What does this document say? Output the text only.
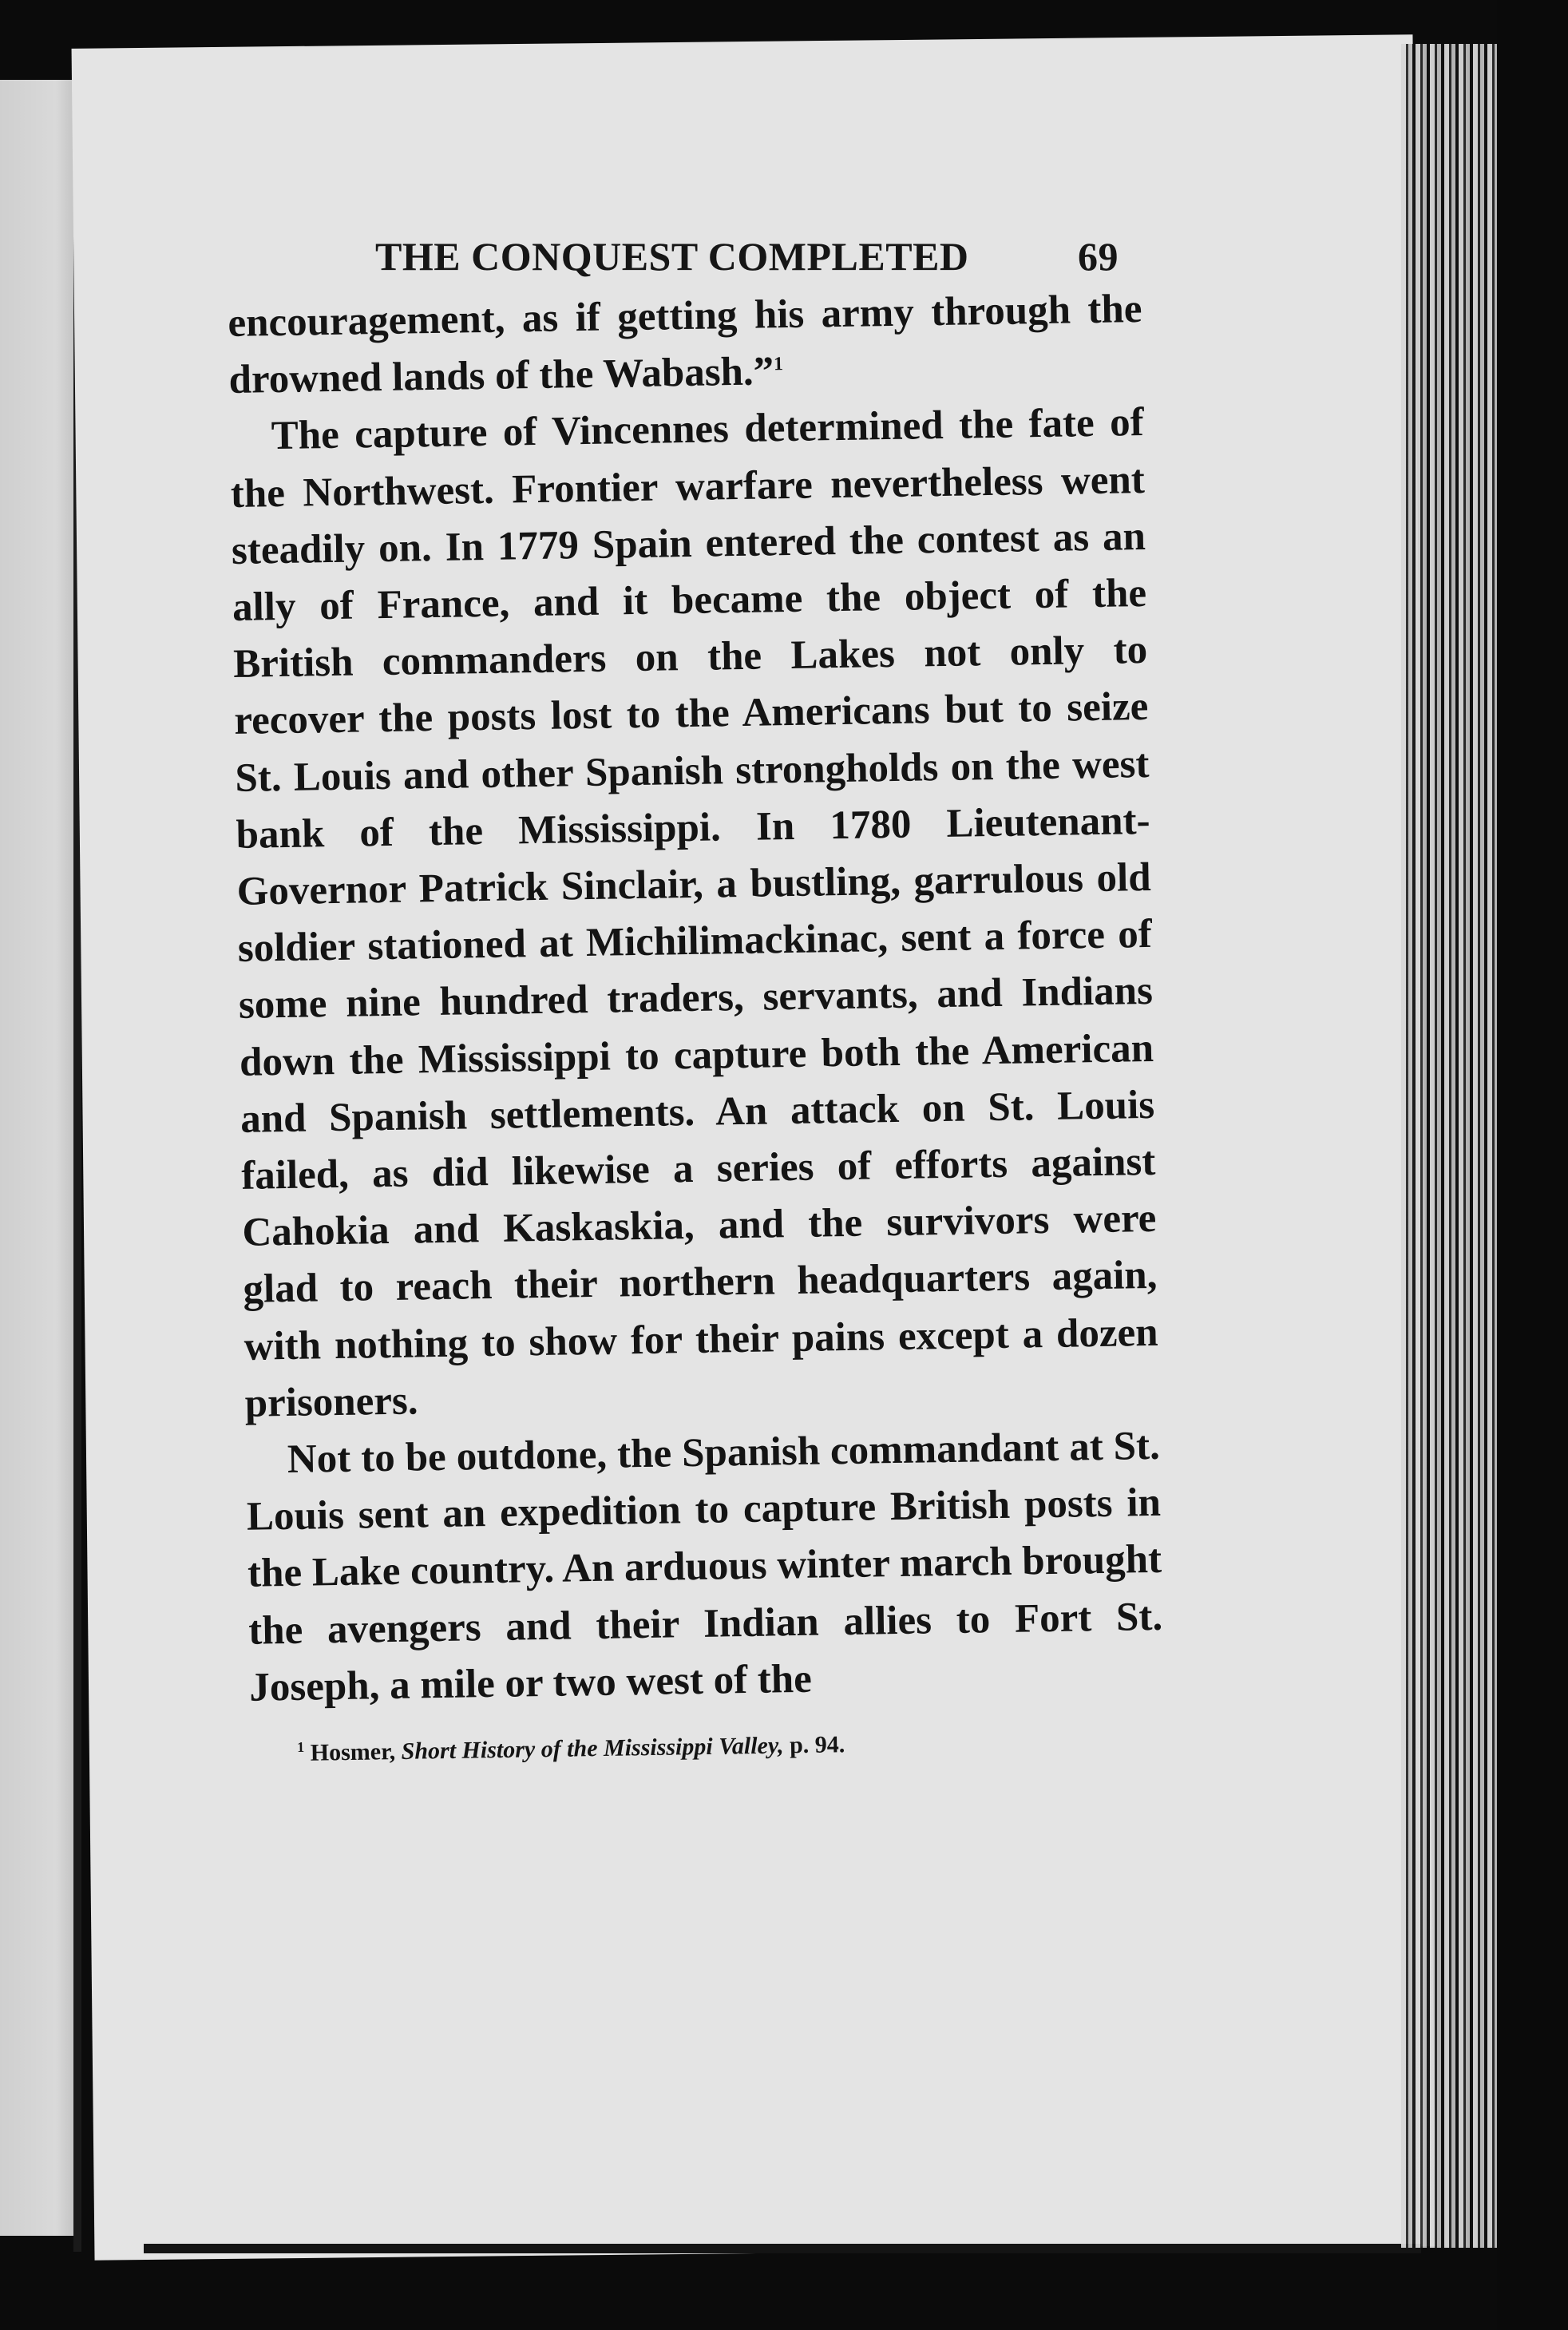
THE CONQUEST COMPLETED	69

encouragement, as if getting his army through the drowned lands of the Wabash.”$^1$

The capture of Vincennes determined the fate of the Northwest. Frontier warfare nevertheless went steadily on. In 1779 Spain entered the contest as an ally of France, and it became the object of the British commanders on the Lakes not only to recover the posts lost to the Americans but to seize St. Louis and other Spanish strongholds on the west bank of the Mississippi. In 1780 Lieutenant-Governor Patrick Sinclair, a bustling, garrulous old soldier stationed at Michilimackinac, sent a force of some nine hundred traders, servants, and Indians down the Mississippi to capture both the American and Spanish settlements. An attack on St. Louis failed, as did likewise a series of efforts against Cahokia and Kaskaskia, and the survivors were glad to reach their northern headquarters again, with nothing to show for their pains except a dozen prisoners.

Not to be outdone, the Spanish commandant at St. Louis sent an expedition to capture British posts in the Lake country. An arduous winter march brought the avengers and their Indian allies to Fort St. Joseph, a mile or two west of the

$^1$ Hosmer, Short History of the Mississippi Valley, p. 94.
